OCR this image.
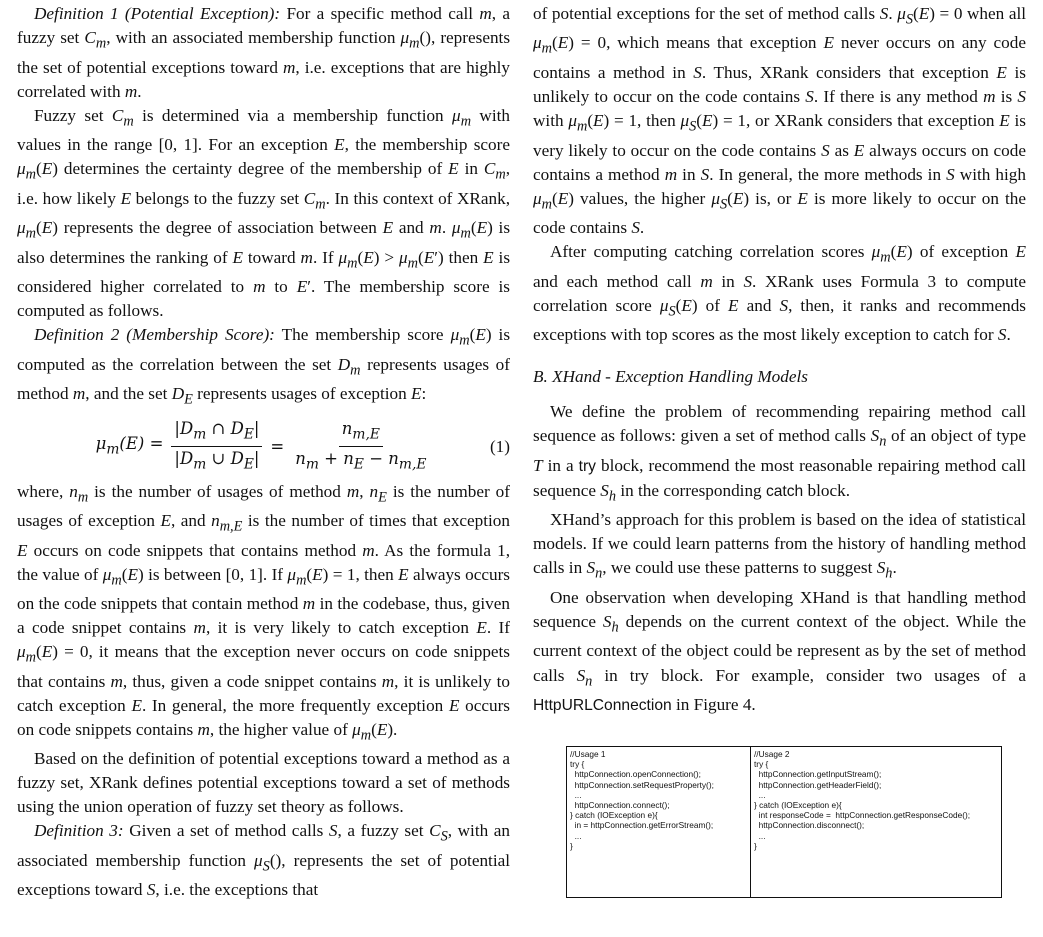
Definition 1 (Potential Exception): For a specific method call m, a fuzzy set $C_m$, with an associated membership function $\mu_m()$, represents the set of potential exceptions toward m, i.e. exceptions that are highly correlated with m.

Fuzzy set $C_m$ is determined via a membership function $\mu_m$ with values in the range [0, 1]. For an exception E, the membership score $\mu_m(E)$ determines the certainty degree of the membership of E in $C_m$, i.e. how likely E belongs to the fuzzy set $C_m$. In this context of XRank, $\mu_m(E)$ represents the degree of association between E and m. $\mu_m(E)$ is also determines the ranking of E toward m. If $\mu_m(E) > \mu_m(E')$ then E is considered higher correlated to m to E′. The membership score is computed as follows.

Definition 2 (Membership Score): The membership score $\mu_m(E)$ is computed as the correlation between the set $D_m$ represents usages of method m, and the set $D_E$ represents usages of exception E:

$\mu_m(E) = \frac{|D_m \cap D_E|}{|D_m \cup D_E|} = \frac{n_{m,E}}{n_m + n_E - n_{m,E}}$	(1)

where, $n_m$ is the number of usages of method m, $n_E$ is the number of usages of exception E, and $n_{m,E}$ is the number of times that exception E occurs on code snippets that contains method m. As the formula 1, the value of $\mu_m(E)$ is between [0, 1]. If $\mu_m(E) = 1$, then E always occurs on the code snippets that contain method m in the codebase, thus, given a code snippet contains m, it is very likely to catch exception E. If $\mu_m(E) = 0$, it means that the exception never occurs on code snippets that contains m, thus, given a code snippet contains m, it is unlikely to catch exception E. In general, the more frequently exception E occurs on code snippets contains m, the higher value of $\mu_m(E)$.

Based on the definition of potential exceptions toward a method as a fuzzy set, XRank defines potential exceptions toward a set of methods using the union operation of fuzzy set theory as follows.

Definition 3: Given a set of method calls S, a fuzzy set $C_S$, with an associated membership function $\mu_S()$, represents the set of potential exceptions toward S, i.e. the exceptions that

of potential exceptions for the set of method calls S. $\mu_S(E) = 0$ when all $\mu_m(E) = 0$, which means that exception E never occurs on any code contains a method in S. Thus, XRank considers that exception E is unlikely to occur on the code contains S. If there is any method m is S with $\mu_m(E) = 1$, then $\mu_S(E) = 1$, or XRank considers that exception E is very likely to occur on the code contains S as E always occurs on code contains a method m in S. In general, the more methods in S with high $\mu_m(E)$ values, the higher $\mu_S(E)$ is, or E is more likely to occur on the code contains S.

After computing catching correlation scores $\mu_m(E)$ of exception E and each method call m in S. XRank uses Formula 3 to compute correlation score $\mu_S(E)$ of E and S, then, it ranks and recommends exceptions with top scores as the most likely exception to catch for S.

B. XHand - Exception Handling Models

We define the problem of recommending repairing method call sequence as follows: given a set of method calls $S_n$ of an object of type T in a try block, recommend the most reasonable repairing method call sequence $S_h$ in the corresponding catch block.

XHand’s approach for this problem is based on the idea of statistical models. If we could learn patterns from the history of handling method calls in $S_n$, we could use these patterns to suggest $S_h$.

One observation when developing XHand is that handling method sequence $S_h$ depends on the current context of the object. While the current context of the object could be represent as by the set of method calls $S_n$ in try block. For example, consider two usages of a HttpURLConnection in Figure 4.

//Usage 1
try {
httpConnection.openConnection();
httpConnection.setRequestProperty();
...
httpConnection.connect();
} catch (IOException e){
in = httpConnection.getErrorStream();
...
}
//Usage 2
try {
httpConnection.getInputStream();
httpConnection.getHeaderField();
...
} catch (IOException e){
int responseCode =  httpConnection.getResponseCode();
httpConnection.disconnect();
...
}
